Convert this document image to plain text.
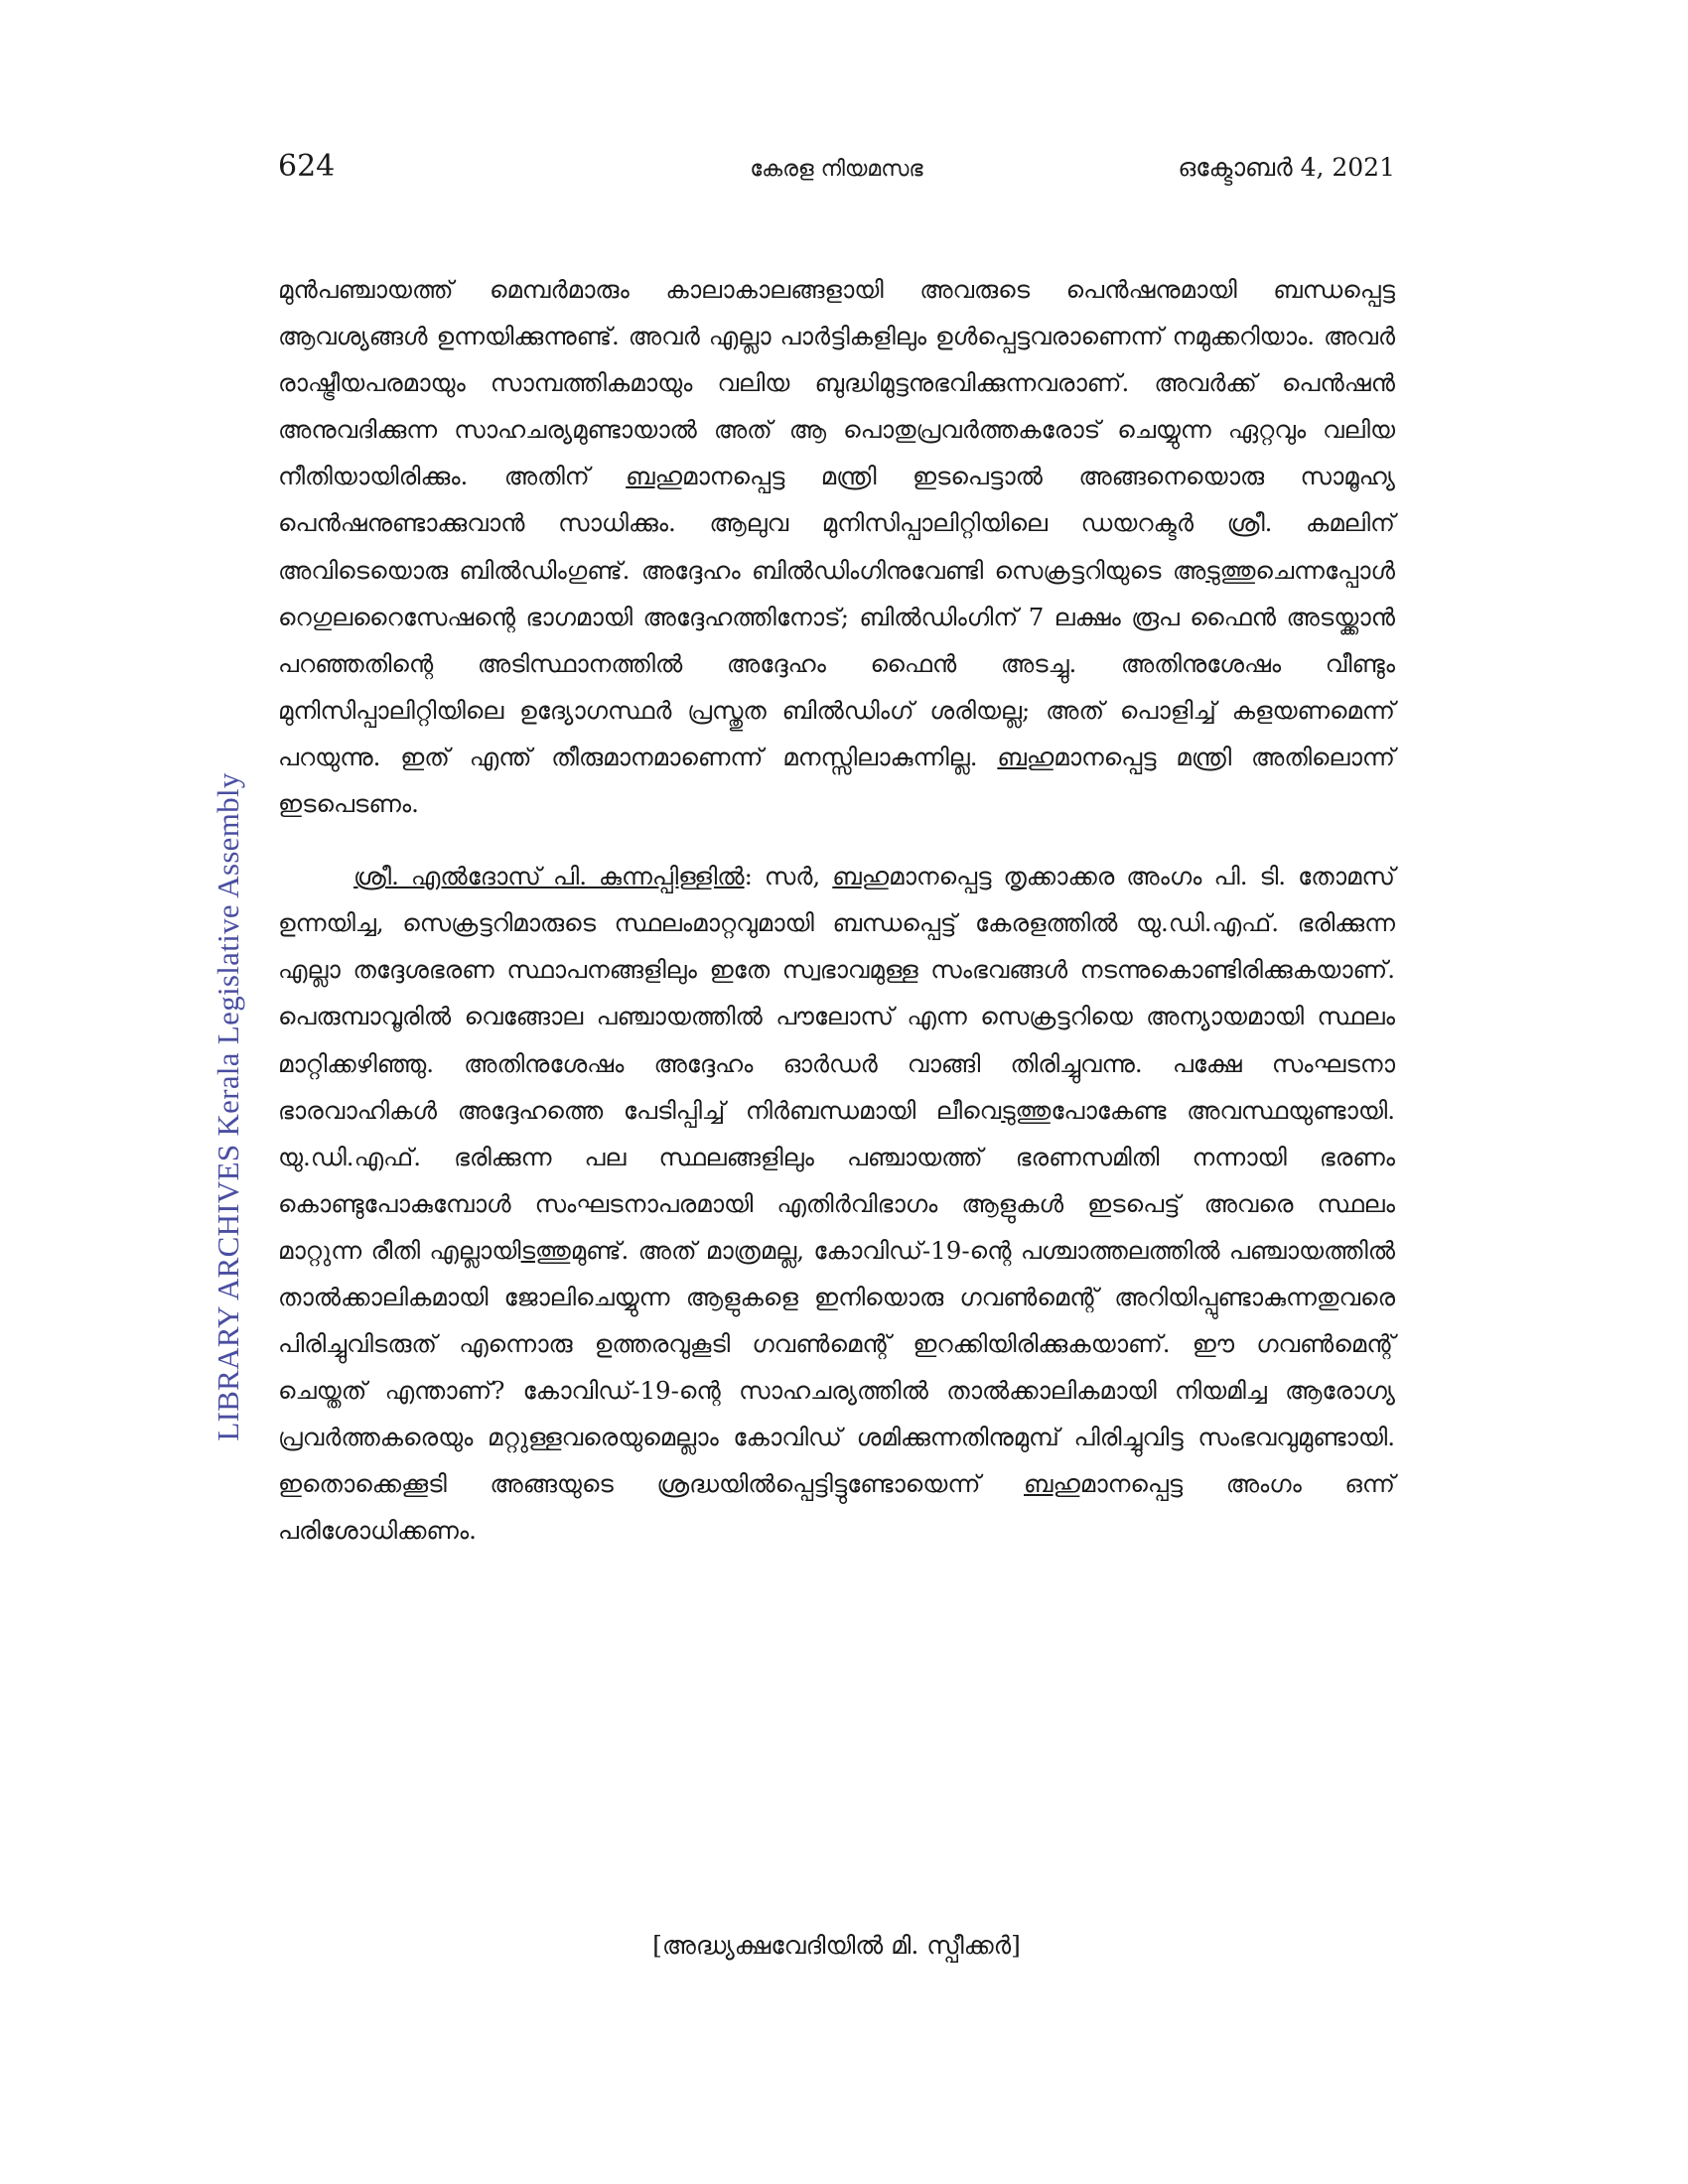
624	കേരള നിയമസഭ	ഒക്ടോബർ 4, 2021
LIBRARY ARCHIVES Kerala Legislative Assembly

മുൻപഞ്ചായത്ത് മെമ്പർമാരും കാലാകാലങ്ങളായി അവരുടെ പെൻഷനുമായി ബന്ധപ്പെട്ട ആവശ്യങ്ങൾ ഉന്നയിക്കുന്നുണ്ട്. അവർ എല്ലാ പാർട്ടികളിലും ഉൾപ്പെട്ടവരാണെന്ന് നമുക്കറിയാം. അവർ രാഷ്ട്രീയപരമായും സാമ്പത്തികമായും വലിയ ബുദ്ധിമുട്ടനുഭവിക്കുന്നവരാണ്. അവർക്ക് പെൻഷൻ അനുവദിക്കുന്ന സാഹചര്യമുണ്ടായാൽ അത് ആ പൊതുപ്രവർത്തകരോട് ചെയ്യുന്ന ഏറ്റവും വലിയ നീതിയായിരിക്കും. അതിന് ബഹുമാനപ്പെട്ട മന്ത്രി ഇടപെട്ടാൽ അങ്ങനെയൊരു സാമൂഹ്യ പെൻഷനുണ്ടാക്കുവാൻ സാധിക്കും. ആലുവ മുനിസിപ്പാലിറ്റിയിലെ ഡയറക്ടർ ശ്രീ. കമലിന് അവിടെയൊരു ബിൽഡിംഗുണ്ട്. അദ്ദേഹം ബിൽഡിംഗിനുവേണ്ടി സെക്രട്ടറിയുടെ അടുത്തുചെന്നപ്പോൾ റെഗുലറൈസേഷന്റെ ഭാഗമായി അദ്ദേഹത്തിനോട്; ബിൽഡിംഗിന് 7 ലക്ഷം രൂപ ഫൈൻ അടയ്ക്കാൻ പറഞ്ഞതിന്റെ അടിസ്ഥാനത്തിൽ അദ്ദേഹം ഫൈൻ അടച്ചു. അതിനുശേഷം വീണ്ടും മുനിസിപ്പാലിറ്റിയിലെ ഉദ്യോഗസ്ഥർ പ്രസ്തുത ബിൽഡിംഗ് ശരിയല്ല; അത് പൊളിച്ച് കളയണമെന്ന് പറയുന്നു. ഇത് എന്ത് തീരുമാനമാണെന്ന് മനസ്സിലാകുന്നില്ല. ബഹുമാനപ്പെട്ട മന്ത്രി അതിലൊന്ന് ഇടപെടണം.

ശ്രീ. എൽദോസ് പി. കുന്നപ്പിള്ളിൽ: സർ, ബഹുമാനപ്പെട്ട തൃക്കാക്കര അംഗം പി. ടി. തോമസ് ഉന്നയിച്ച, സെക്രട്ടറിമാരുടെ സ്ഥലംമാറ്റവുമായി ബന്ധപ്പെട്ട് കേരളത്തിൽ യു.ഡി.എഫ്. ഭരിക്കുന്ന എല്ലാ തദ്ദേശഭരണ സ്ഥാപനങ്ങളിലും ഇതേ സ്വഭാവമുള്ള സംഭവങ്ങൾ നടന്നുകൊണ്ടിരിക്കുകയാണ്. പെരുമ്പാവൂരിൽ വെങ്ങോല പഞ്ചായത്തിൽ പൗലോസ് എന്ന സെക്രട്ടറിയെ അന്യായമായി സ്ഥലം മാറ്റിക്കഴിഞ്ഞു. അതിനുശേഷം അദ്ദേഹം ഓർഡർ വാങ്ങി തിരിച്ചുവന്നു. പക്ഷേ സംഘടനാ ഭാരവാഹികൾ അദ്ദേഹത്തെ പേടിപ്പിച്ച് നിർബന്ധമായി ലീവെടുത്തുപോകേണ്ട അവസ്ഥയുണ്ടായി. യു.ഡി.എഫ്. ഭരിക്കുന്ന പല സ്ഥലങ്ങളിലും പഞ്ചായത്ത് ഭരണസമിതി നന്നായി ഭരണം കൊണ്ടുപോകുമ്പോൾ സംഘടനാപരമായി എതിർവിഭാഗം ആളുകൾ ഇടപെട്ട് അവരെ സ്ഥലം മാറ്റുന്ന രീതി എല്ലായിടത്തുമുണ്ട്. അത് മാത്രമല്ല, കോവിഡ്-19-ന്റെ പശ്ചാത്തലത്തിൽ പഞ്ചായത്തിൽ താൽക്കാലികമായി ജോലിചെയ്യുന്ന ആളുകളെ ഇനിയൊരു ഗവൺമെന്റ് അറിയിപ്പുണ്ടാകുന്നതുവരെ പിരിച്ചുവിടരുത് എന്നൊരു ഉത്തരവുകൂടി ഗവൺമെന്റ് ഇറക്കിയിരിക്കുകയാണ്. ഈ ഗവൺമെന്റ് ചെയ്തത് എന്താണ്? കോവിഡ്-19-ന്റെ സാഹചര്യത്തിൽ താൽക്കാലികമായി നിയമിച്ച ആരോഗ്യ പ്രവർത്തകരെയും മറ്റുള്ളവരെയുമെല്ലാം കോവിഡ് ശമിക്കുന്നതിനുമുമ്പ് പിരിച്ചുവിട്ട സംഭവവുമുണ്ടായി. ഇതൊക്കെക്കൂടി അങ്ങയുടെ ശ്രദ്ധയിൽപ്പെട്ടിട്ടുണ്ടോയെന്ന് ബഹുമാനപ്പെട്ട അംഗം ഒന്ന് പരിശോധിക്കണം.

[അദ്ധ്യക്ഷവേദിയിൽ മി. സ്പീക്കർ]
